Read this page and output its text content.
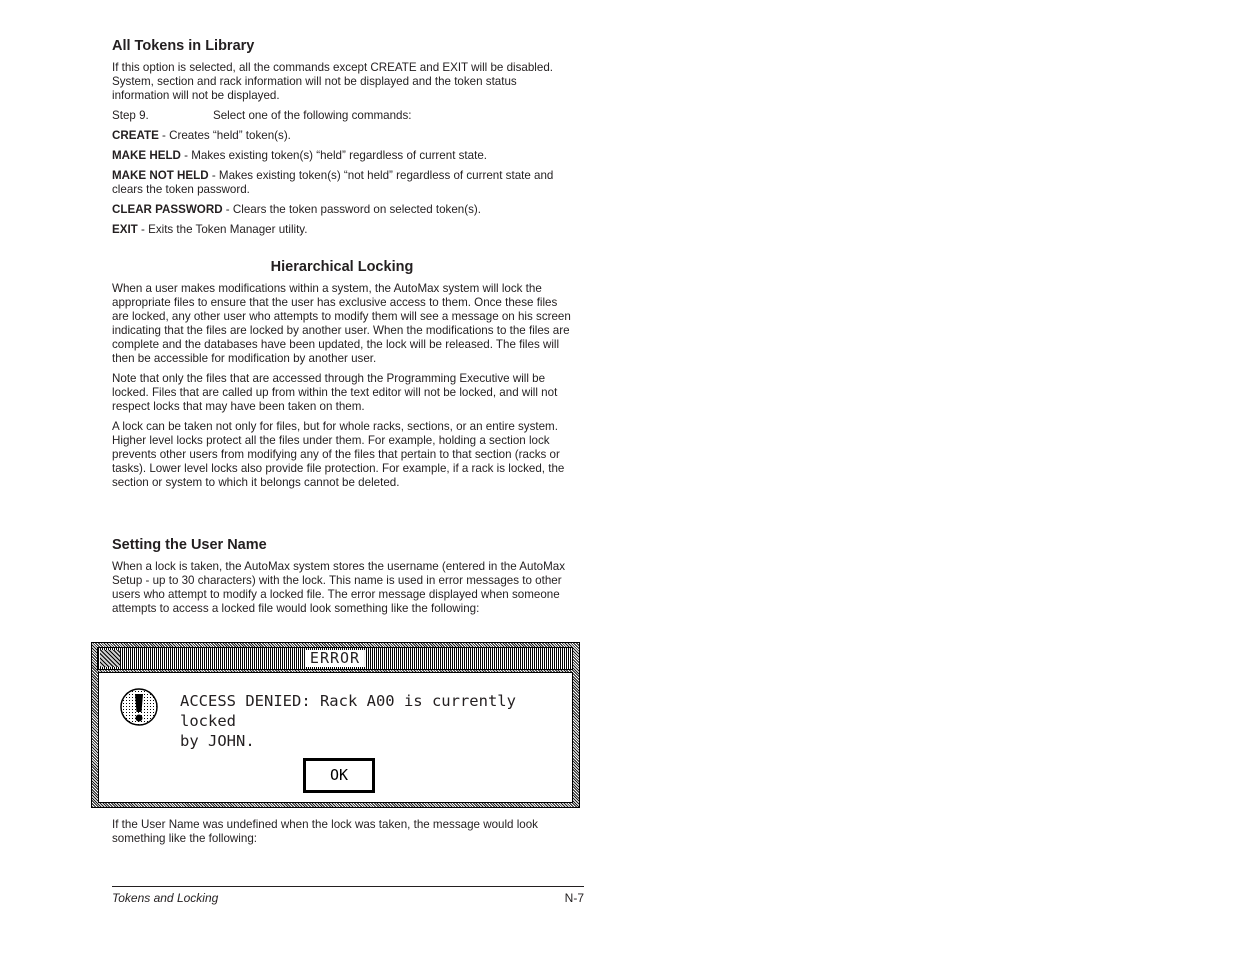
All Tokens in Library

If this option is selected, all the commands except CREATE and EXIT will be disabled. System, section and rack information will not be displayed and the token status information will not be displayed.

Step 9.	Select one of the following commands:

CREATE - Creates “held” token(s).

MAKE HELD - Makes existing token(s) “held” regardless of current state.

MAKE NOT HELD - Makes existing token(s) “not held” regardless of current state and clears the token password.

CLEAR PASSWORD - Clears the token password on selected token(s).

EXIT - Exits the Token Manager utility.

Hierarchical Locking

When a user makes modifications within a system, the AutoMax system will lock the appropriate files to ensure that the user has exclusive access to them. Once these files are locked, any other user who attempts to modify them will see a message on his screen indicating that the files are locked by another user. When the modifications to the files are complete and the databases have been updated, the lock will be released. The files will then be accessible for modification by another user.

Note that only the files that are accessed through the Programming Executive will be locked. Files that are called up from within the text editor will not be locked, and will not respect locks that may have been taken on them.

A lock can be taken not only for files, but for whole racks, sections, or an entire system. Higher level locks protect all the files under them. For example, holding a section lock prevents other users from modifying any of the files that pertain to that section (racks or tasks). Lower level locks also provide file protection. For example, if a rack is locked, the section or system to which it belongs cannot be deleted.

Setting the User Name

When a lock is taken, the AutoMax system stores the username (entered in the AutoMax Setup - up to 30 characters) with the lock. This name is used in error messages to other users who attempt to modify a locked file. The error message displayed when someone attempts to access a locked file would look something like the following:

If the User Name was undefined when the lock was taken, the message would look something like the following:

ERROR
ACCESS DENIED: Rack A00 is currently locked
by JOHN.
OK
Tokens and Locking	N-7
